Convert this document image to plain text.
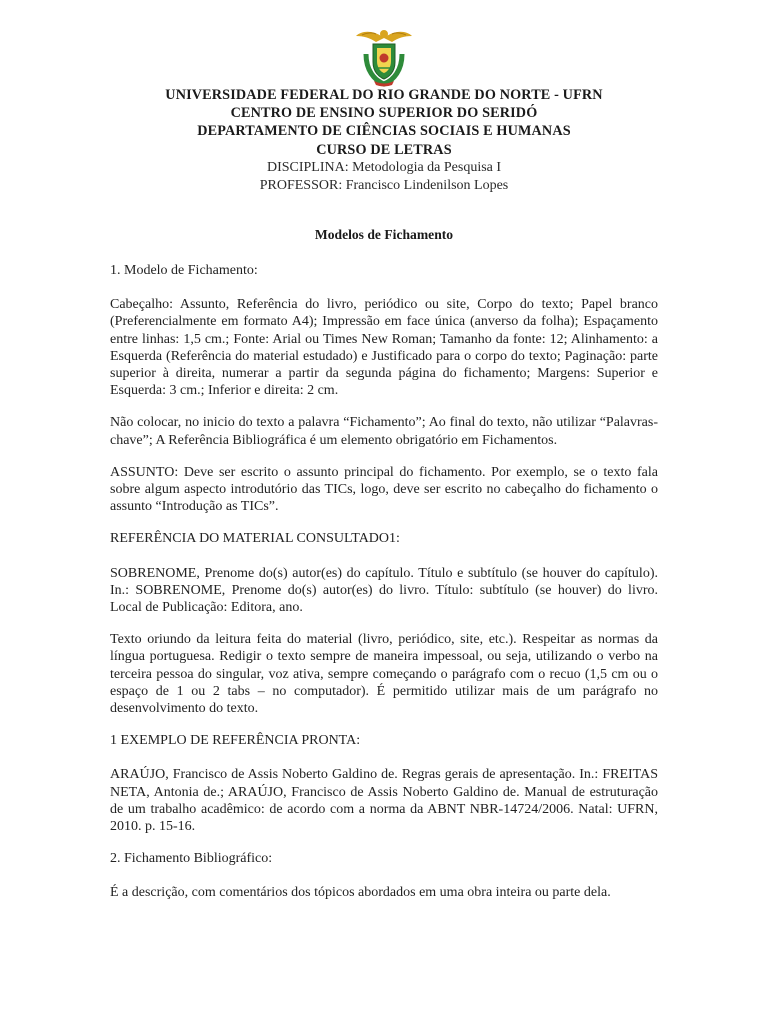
UNIVERSIDADE FEDERAL DO RIO GRANDE DO NORTE - UFRN

CENTRO DE ENSINO SUPERIOR DO SERIDÓ

DEPARTAMENTO DE CIÊNCIAS SOCIAIS E HUMANAS

CURSO DE LETRAS

DISCIPLINA: Metodologia da Pesquisa I

PROFESSOR: Francisco Lindenilson Lopes

Modelos de Fichamento

1. Modelo de Fichamento:

Cabeçalho: Assunto, Referência do livro, periódico ou site, Corpo do texto; Papel branco (Preferencialmente em formato A4); Impressão em face única (anverso da folha); Espaçamento entre linhas: 1,5 cm.; Fonte: Arial ou Times New Roman; Tamanho da fonte: 12; Alinhamento: a Esquerda (Referência do material estudado) e Justificado para o corpo do texto; Paginação: parte superior à direita, numerar a partir da segunda página do fichamento; Margens: Superior e Esquerda: 3 cm.; Inferior e direita: 2 cm.

Não colocar, no inicio do texto a palavra “Fichamento”; Ao final do texto, não utilizar “Palavras-chave”; A Referência Bibliográfica é um elemento obrigatório em Fichamentos.

ASSUNTO: Deve ser escrito o assunto principal do fichamento. Por exemplo, se o texto fala sobre algum aspecto introdutório das TICs, logo, deve ser escrito no cabeçalho do fichamento o assunto “Introdução as TICs”.

REFERÊNCIA DO MATERIAL CONSULTADO1:

SOBRENOME, Prenome do(s) autor(es) do capítulo. Título e subtítulo (se houver do capítulo). In.: SOBRENOME, Prenome do(s) autor(es) do livro. Título: subtítulo (se houver) do livro. Local de Publicação: Editora, ano.

Texto oriundo da leitura feita do material (livro, periódico, site, etc.). Respeitar as normas da língua portuguesa. Redigir o texto sempre de maneira impessoal, ou seja, utilizando o verbo na terceira pessoa do singular, voz ativa, sempre começando o parágrafo com o recuo (1,5 cm ou o espaço de 1 ou 2 tabs – no computador). É permitido utilizar mais de um parágrafo no desenvolvimento do texto.

1 EXEMPLO DE REFERÊNCIA PRONTA:

ARAÚJO, Francisco de Assis Noberto Galdino de. Regras gerais de apresentação. In.: FREITAS NETA, Antonia de.; ARAÚJO, Francisco de Assis Noberto Galdino de. Manual de estruturação de um trabalho acadêmico: de acordo com a norma da ABNT NBR-14724/2006. Natal: UFRN, 2010. p. 15-16.

2. Fichamento Bibliográfico:

É a descrição, com comentários dos tópicos abordados em uma obra inteira ou parte dela.
